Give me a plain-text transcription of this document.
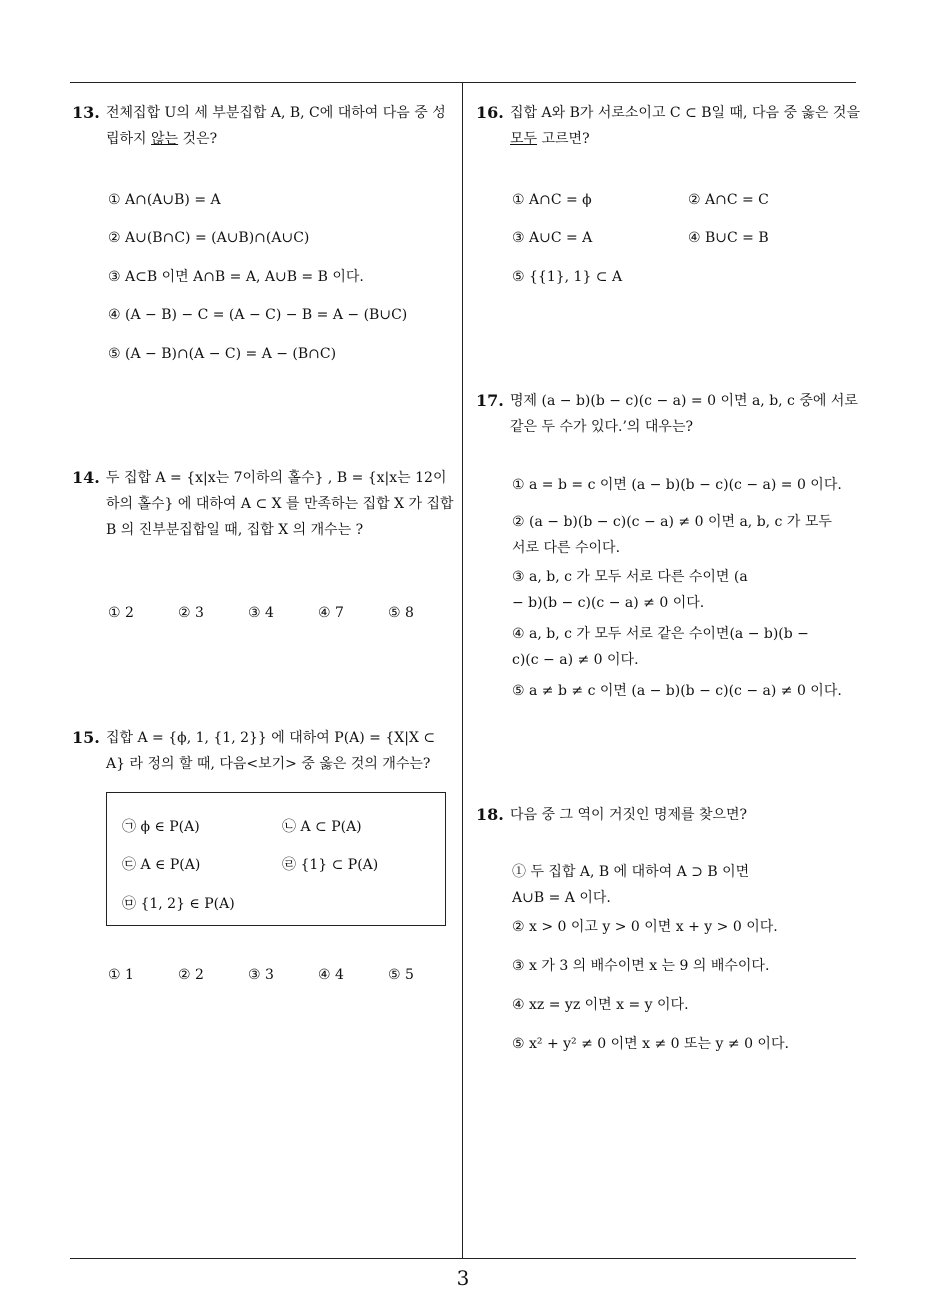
3
13. 전체집합 U의 세 부분집합 A, B, C에 대하여 다음 중 성립하지 않는 것은?
① A∩(A∪B) = A
② A∪(B∩C) = (A∪B)∩(A∪C)
③ A⊂B 이면 A∩B = A, A∪B = B 이다.
④ (A − B) − C = (A − C) − B = A − (B∪C)
⑤ (A − B)∩(A − C) = A − (B∩C)
14. 두 집합 A = {x|x는 7이하의 홀수} , B = {x|x는 12이하의 홀수} 에 대하여 A ⊂ X 를 만족하는 집합 X 가 집합 B 의 진부분집합일 때, 집합 X 의 개수는 ?
① 2	② 3	③ 4	④ 7	⑤ 8
15. 집합 A = {ϕ, 1, {1, 2}} 에 대하여 P(A) = {X|X ⊂ A} 라 정의 할 때, 다음<보기> 중 옳은 것의 개수는?
㉠ ϕ ∈ P(A)	㉡ A ⊂ P(A)
㉢ A ∈ P(A)	㉣ {1} ⊂ P(A)
㉤ {1, 2} ∈ P(A)
① 1	② 2	③ 3	④ 4	⑤ 5
16. 집합 A와 B가 서로소이고 C ⊂ B일 때, 다음 중 옳은 것을 모두 고르면?
① A∩C = ϕ	② A∩C = C
③ A∪C = A	④ B∪C = B
⑤ {{1}, 1} ⊂ A
17. 명제 (a − b)(b − c)(c − a) = 0 이면 a, b, c 중에 서로 같은 두 수가 있다.’의 대우는?
① a = b = c 이면 (a − b)(b − c)(c − a) = 0 이다.
② (a − b)(b − c)(c − a) ≠ 0 이면 a, b, c 가 모두 서로 다른 수이다.
③ a, b, c 가 모두 서로 다른 수이면 (a − b)(b − c)(c − a) ≠ 0 이다.
④ a, b, c 가 모두 서로 같은 수이면(a − b)(b − c)(c − a) ≠ 0 이다.
⑤ a ≠ b ≠ c 이면 (a − b)(b − c)(c − a) ≠ 0 이다.
18. 다음 중 그 역이 거짓인 명제를 찾으면?
① 두 집합 A, B 에 대하여 A ⊃ B 이면 A∪B = A 이다.
② x > 0 이고 y > 0 이면 x + y > 0 이다.
③ x 가 3 의 배수이면 x 는 9 의 배수이다.
④ xz = yz 이면 x = y 이다.
⑤ x² + y² ≠ 0 이면 x ≠ 0 또는 y ≠ 0 이다.
